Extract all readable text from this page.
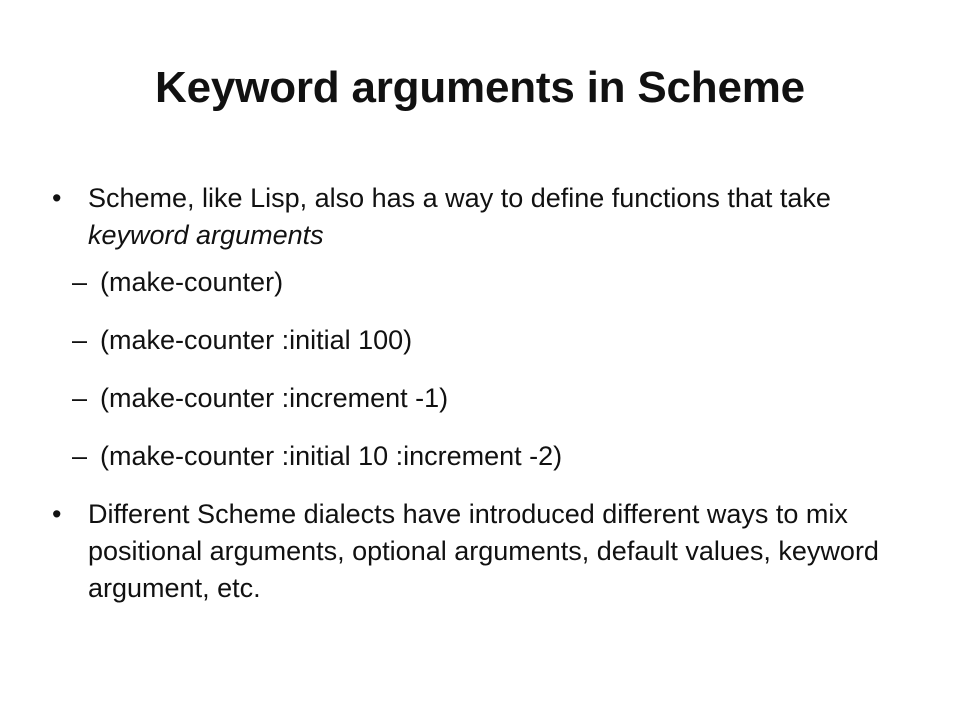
Keyword arguments in Scheme
• Scheme, like Lisp, also has a way to define functions that take keyword arguments
– (make-counter)
– (make-counter :initial 100)
– (make-counter :increment -1)
– (make-counter :initial 10 :increment -2)
• Different Scheme dialects have introduced different ways to mix positional arguments, optional arguments, default values, keyword argument, etc.
